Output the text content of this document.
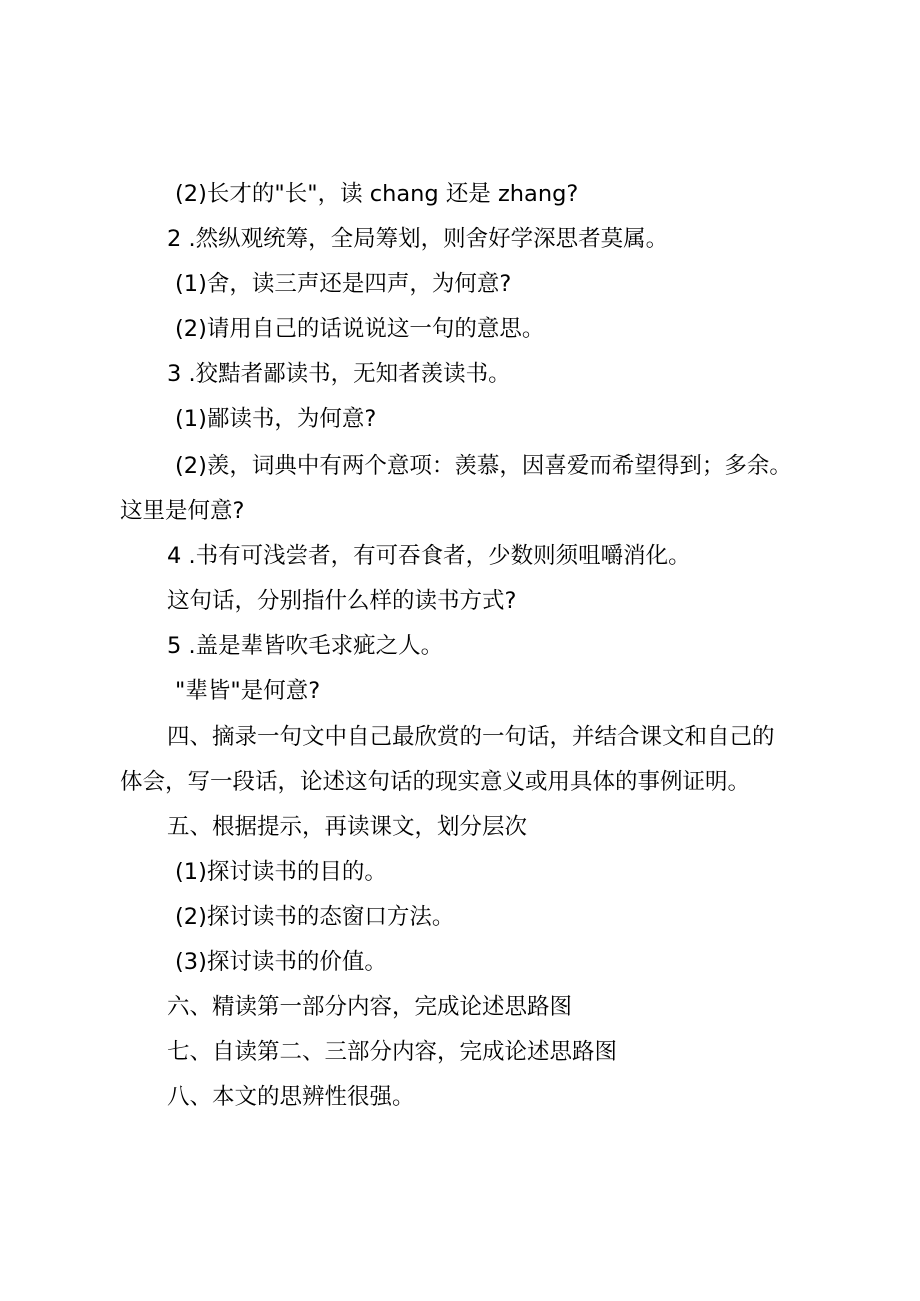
(2)长才的"长"，读 chang 还是 zhang?
2 .然纵观统筹，全局筹划，则舍好学深思者莫属。
(1)舍，读三声还是四声，为何意?
(2)请用自己的话说说这一句的意思。
3 .狡黠者鄙读书，无知者羡读书。
(1)鄙读书，为何意?
(2)羡，词典中有两个意项：羡慕，因喜爱而希望得到；多余。
这里是何意?
4 .书有可浅尝者，有可吞食者，少数则须咀嚼消化。
这句话，分别指什么样的读书方式?
5 .盖是辈皆吹毛求疵之人。
"辈皆"是何意?
四、摘录一句文中自己最欣赏的一句话，并结合课文和自己的
体会，写一段话，论述这句话的现实意义或用具体的事例证明。
五、根据提示，再读课文，划分层次
(1)探讨读书的目的。
(2)探讨读书的态窗口方法。
(3)探讨读书的价值。
六、精读第一部分内容，完成论述思路图
七、自读第二、三部分内容，完成论述思路图
八、本文的思辨性很强。
